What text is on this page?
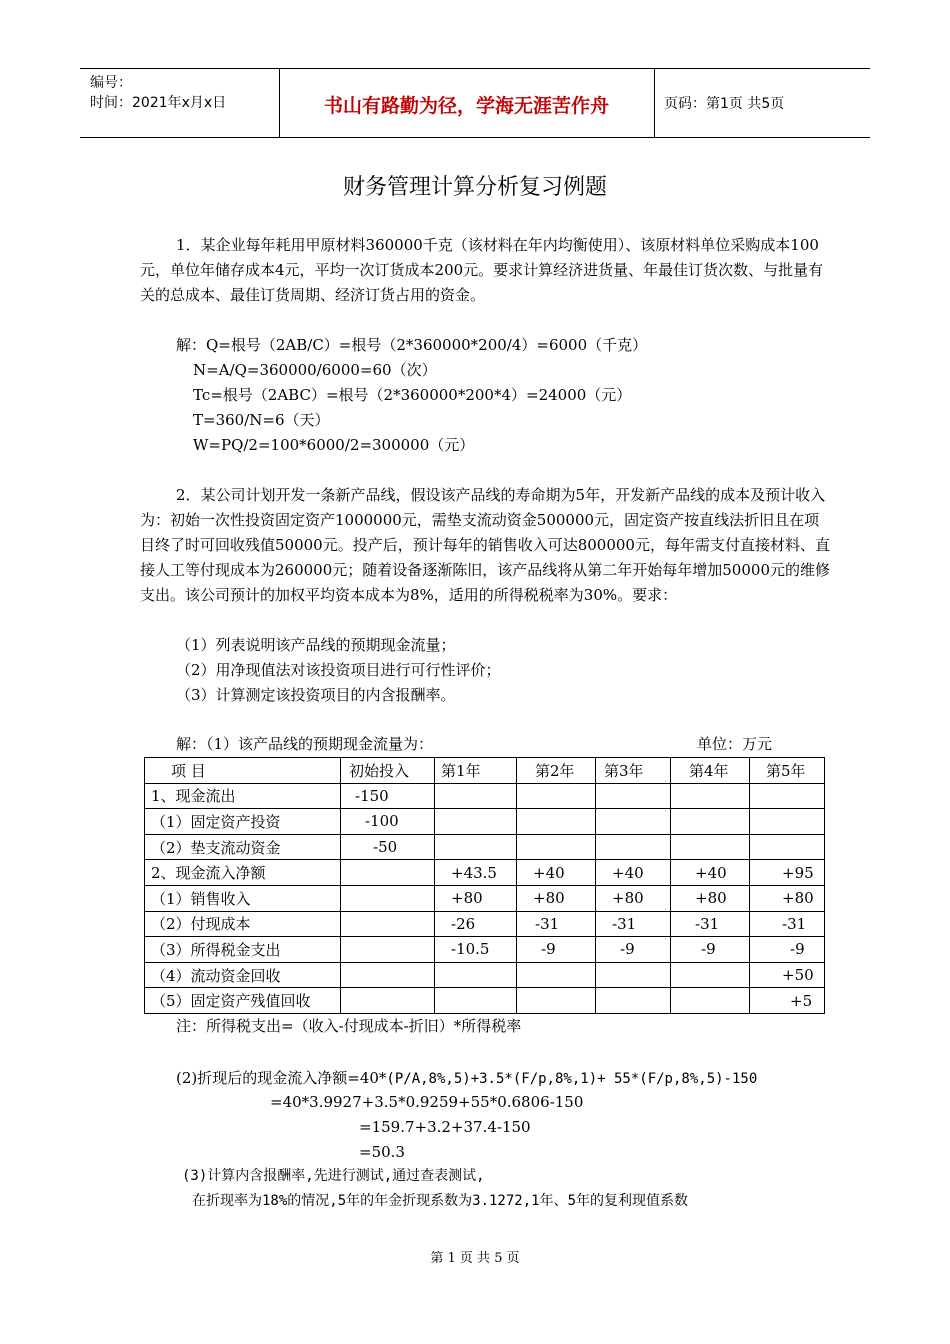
编号：
时间：2021年x月x日	书山有路勤为径，学海无涯苦作舟	页码：第1页 共5页
财务管理计算分析复习例题
1．某企业每年耗用甲原材料360000千克（该材料在年内均衡使用）、该原材料单位采购成本100元，单位年储存成本4元，平均一次订货成本200元。要求计算经济进货量、年最佳订货次数、与批量有关的总成本、最佳订货周期、经济订货占用的资金。
解：Q=根号（2AB/C）=根号（2*360000*200/4）=6000（千克）
N=A/Q=360000/6000=60（次）
Tc=根号（2ABC）=根号（2*360000*200*4）=24000（元）
T=360/N=6（天）
W=PQ/2=100*6000/2=300000（元）
2．某公司计划开发一条新产品线，假设该产品线的寿命期为5年，开发新产品线的成本及预计收入为：初始一次性投资固定资产1000000元，需垫支流动资金500000元，固定资产按直线法折旧且在项目终了时可回收残值50000元。投产后，预计每年的销售收入可达800000元，每年需支付直接材料、直接人工等付现成本为260000元；随着设备逐渐陈旧，该产品线将从第二年开始每年增加50000元的维修支出。该公司预计的加权平均资本成本为8%，适用的所得税税率为30%。要求：
（1）列表说明该产品线的预期现金流量；
（2）用净现值法对该投资项目进行可行性评价；
（3）计算测定该投资项目的内含报酬率。
解：（1）该产品线的预期现金流量为：	单位：万元
项 目	初始投入	第1年	第2年	第3年	第4年	第5年
1、现金流出	-150					
（1）固定资产投资	-100					
（2）垫支流动资金	-50					
2、现金流入净额		+43.5	+40	+40	+40	+95
（1）销售收入		+80	+80	+80	+80	+80
（2）付现成本		-26	-31	-31	-31	-31
（3）所得税金支出		-10.5	-9	-9	-9	-9
（4）流动资金回收						+50
（5）固定资产残值回收						+5
注：所得税支出=（收入-付现成本-折旧）*所得税率
(2)折现后的现金流入净额=40*(P/A,8%,5)+3.5*(F/p,8%,1)+ 55*(F/p,8%,5)-150
=40*3.9927+3.5*0.9259+55*0.6806-150
=159.7+3.2+37.4-150
=50.3
(3)计算内含报酬率,先进行测试,通过查表测试,
在折现率为18%的情况,5年的年金折现系数为3.1272,1年、5年的复利现值系数
第 1 页 共 5 页
